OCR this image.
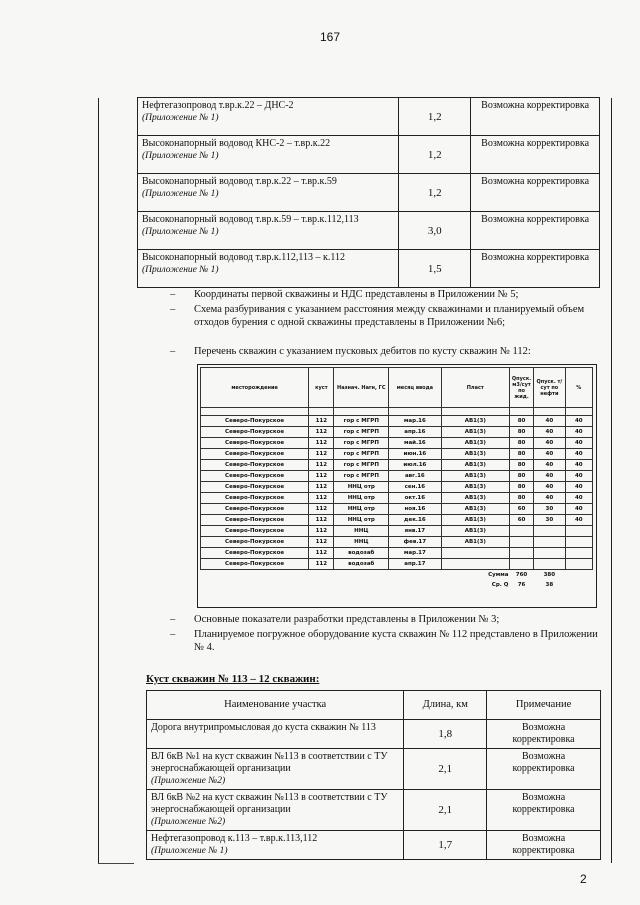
167
Нефтегазопровод т.вр.к.22 – ДНС-2
(Приложение № 1)	1,2	Возможна корректировка

Высоконапорный водовод КНС-2 – т.вр.к.22
(Приложение № 1)	1,2	Возможна корректировка

Высоконапорный водовод т.вр.к.22 – т.вр.к.59
(Приложение № 1)	1,2	Возможна корректировка

Высоконапорный водовод т.вр.к.59 – т.вр.к.112,113
(Приложение № 1)	3,0	Возможна корректировка

Высоконапорный водовод т.вр.к.112,113 – к.112
(Приложение № 1)	1,5	Возможна корректировка
– Координаты первой скважины и НДС представлены в Приложении № 5;
– Схема разбуривания с указанием расстояния между скважинами и планируемый объем отходов бурения с одной скважины представлены в Приложении №6;
– Перечень скважин с указанием пусковых дебитов по кусту скважин № 112:
месторождение	куст	Назнач. Нагн, ГС	месяц ввода	Пласт	Qпуск. м3/сут по жид.	Qпуск. т/сут по нефти	%

Северо-Покурское	112	гор с МГРП	мар.16	АВ1(3)	80	40	40
Северо-Покурское	112	гор с МГРП	апр.16	АВ1(3)	80	40	40
Северо-Покурское	112	гор с МГРП	май.16	АВ1(3)	80	40	40
Северо-Покурское	112	гор с МГРП	июн.16	АВ1(3)	80	40	40
Северо-Покурское	112	гор с МГРП	июл.16	АВ1(3)	80	40	40
Северо-Покурское	112	гор с МГРП	авг.16	АВ1(3)	80	40	40
Северо-Покурское	112	ННЦ отр	сен.16	АВ1(3)	80	40	40
Северо-Покурское	112	ННЦ отр	окт.16	АВ1(3)	80	40	40
Северо-Покурское	112	ННЦ отр	ноя.16	АВ1(3)	60	30	40
Северо-Покурское	112	ННЦ отр	дек.16	АВ1(3)	60	30	40
Северо-Покурское	112	ННЦ	янв.17	АВ1(3)			
Северо-Покурское	112	ННЦ	фев.17	АВ1(3)			
Северо-Покурское	112	водозаб	мар.17				
Северо-Покурское	112	водозаб	апр.17				
				Сумма	760	380	
				Ср. Q	76	38	
– Основные показатели разработки представлены в Приложении № 3;
– Планируемое погружное оборудование куста скважин № 112 представлено в Приложении № 4.
Куст скважин № 113 – 12 скважин:
Наименование участка	Длина, км	Примечание

Дорога внутрипромысловая до куста скважин № 113	1,8	Возможна корректировка

ВЛ 6кВ №1 на куст скважин №113 в соответствии с ТУ энергоснабжающей организации
(Приложение №2)	2,1	Возможна корректировка

ВЛ 6кВ №2 на куст скважин №113 в соответствии с ТУ энергоснабжающей организации
(Приложение №2)	2,1	Возможна корректировка

Нефтегазопровод к.113 – т.вр.к.113,112
(Приложение № 1)	1,7	Возможна корректировка
2
